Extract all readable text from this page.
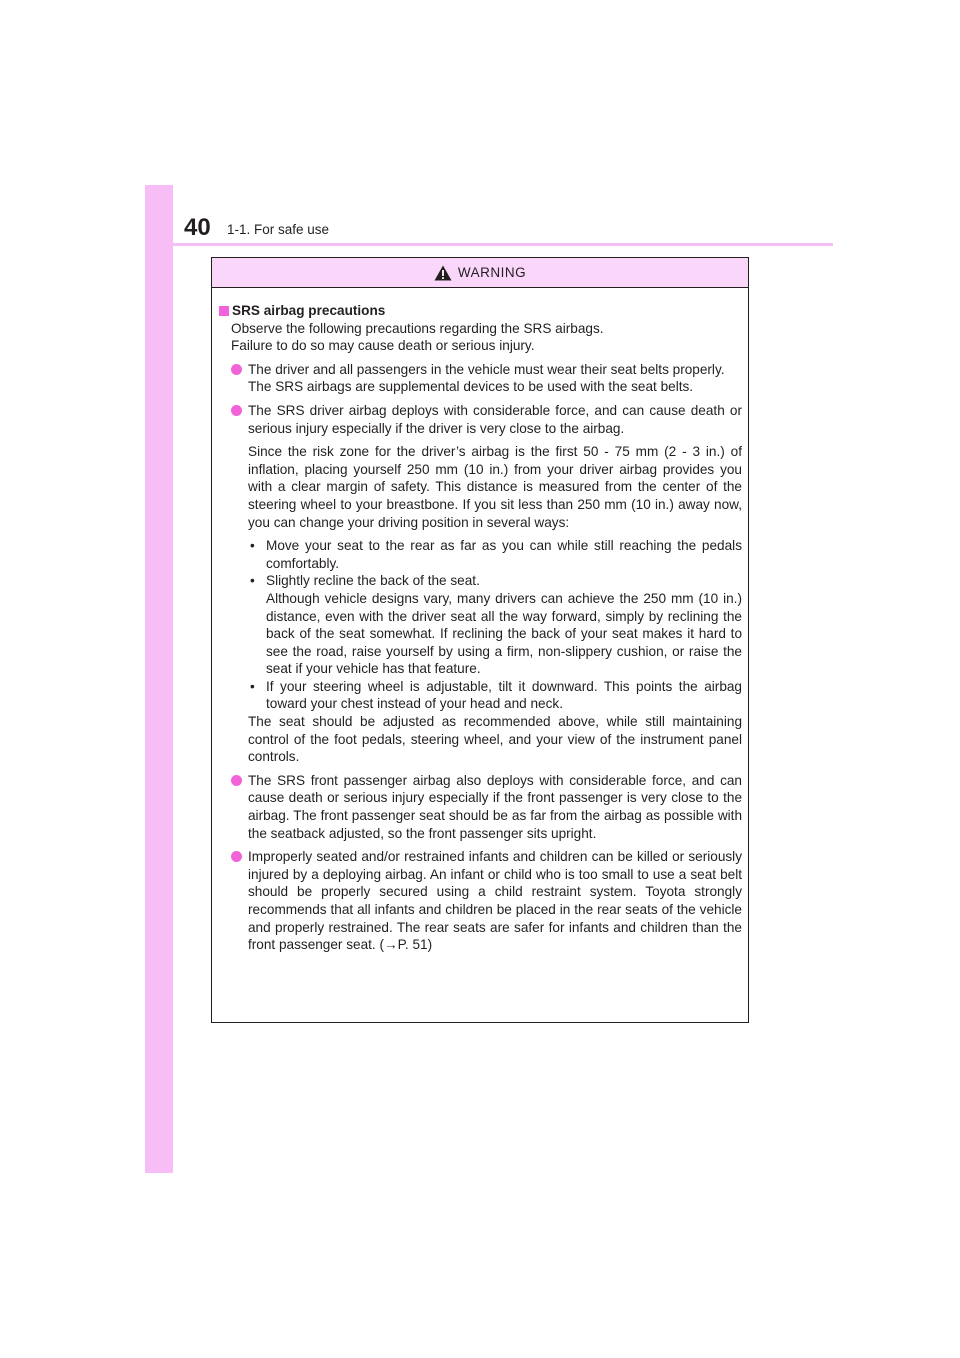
40 1-1. For safe use
WARNING
SRS airbag precautions

Observe the following precautions regarding the SRS airbags.

Failure to do so may cause death or serious injury.

The driver and all passengers in the vehicle must wear their seat belts properly.

The SRS airbags are supplemental devices to be used with the seat belts.

The SRS driver airbag deploys with considerable force, and can cause death or serious injury especially if the driver is very close to the airbag.

Since the risk zone for the driver’s airbag is the first 50 - 75 mm (2 - 3 in.) of inflation, placing yourself 250 mm (10 in.) from your driver airbag provides you with a clear margin of safety. This distance is measured from the center of the steering wheel to your breastbone. If you sit less than 250 mm (10 in.) away now, you can change your driving position in several ways:

• Move your seat to the rear as far as you can while still reaching the pedals comfortably.

• Slightly recline the back of the seat.

Although vehicle designs vary, many drivers can achieve the 250 mm (10 in.) distance, even with the driver seat all the way forward, simply by reclining the back of the seat somewhat. If reclining the back of your seat makes it hard to see the road, raise yourself by using a firm, non-slippery cushion, or raise the seat if your vehicle has that feature.

• If your steering wheel is adjustable, tilt it downward. This points the airbag toward your chest instead of your head and neck.

The seat should be adjusted as recommended above, while still maintaining control of the foot pedals, steering wheel, and your view of the instrument panel controls.

The SRS front passenger airbag also deploys with considerable force, and can cause death or serious injury especially if the front passenger is very close to the airbag. The front passenger seat should be as far from the airbag as possible with the seatback adjusted, so the front passenger sits upright.

Improperly seated and/or restrained infants and children can be killed or seriously injured by a deploying airbag. An infant or child who is too small to use a seat belt should be properly secured using a child restraint system. Toyota strongly recommends that all infants and children be placed in the rear seats of the vehicle and properly restrained. The rear seats are safer for infants and children than the front passenger seat. (→P. 51)
